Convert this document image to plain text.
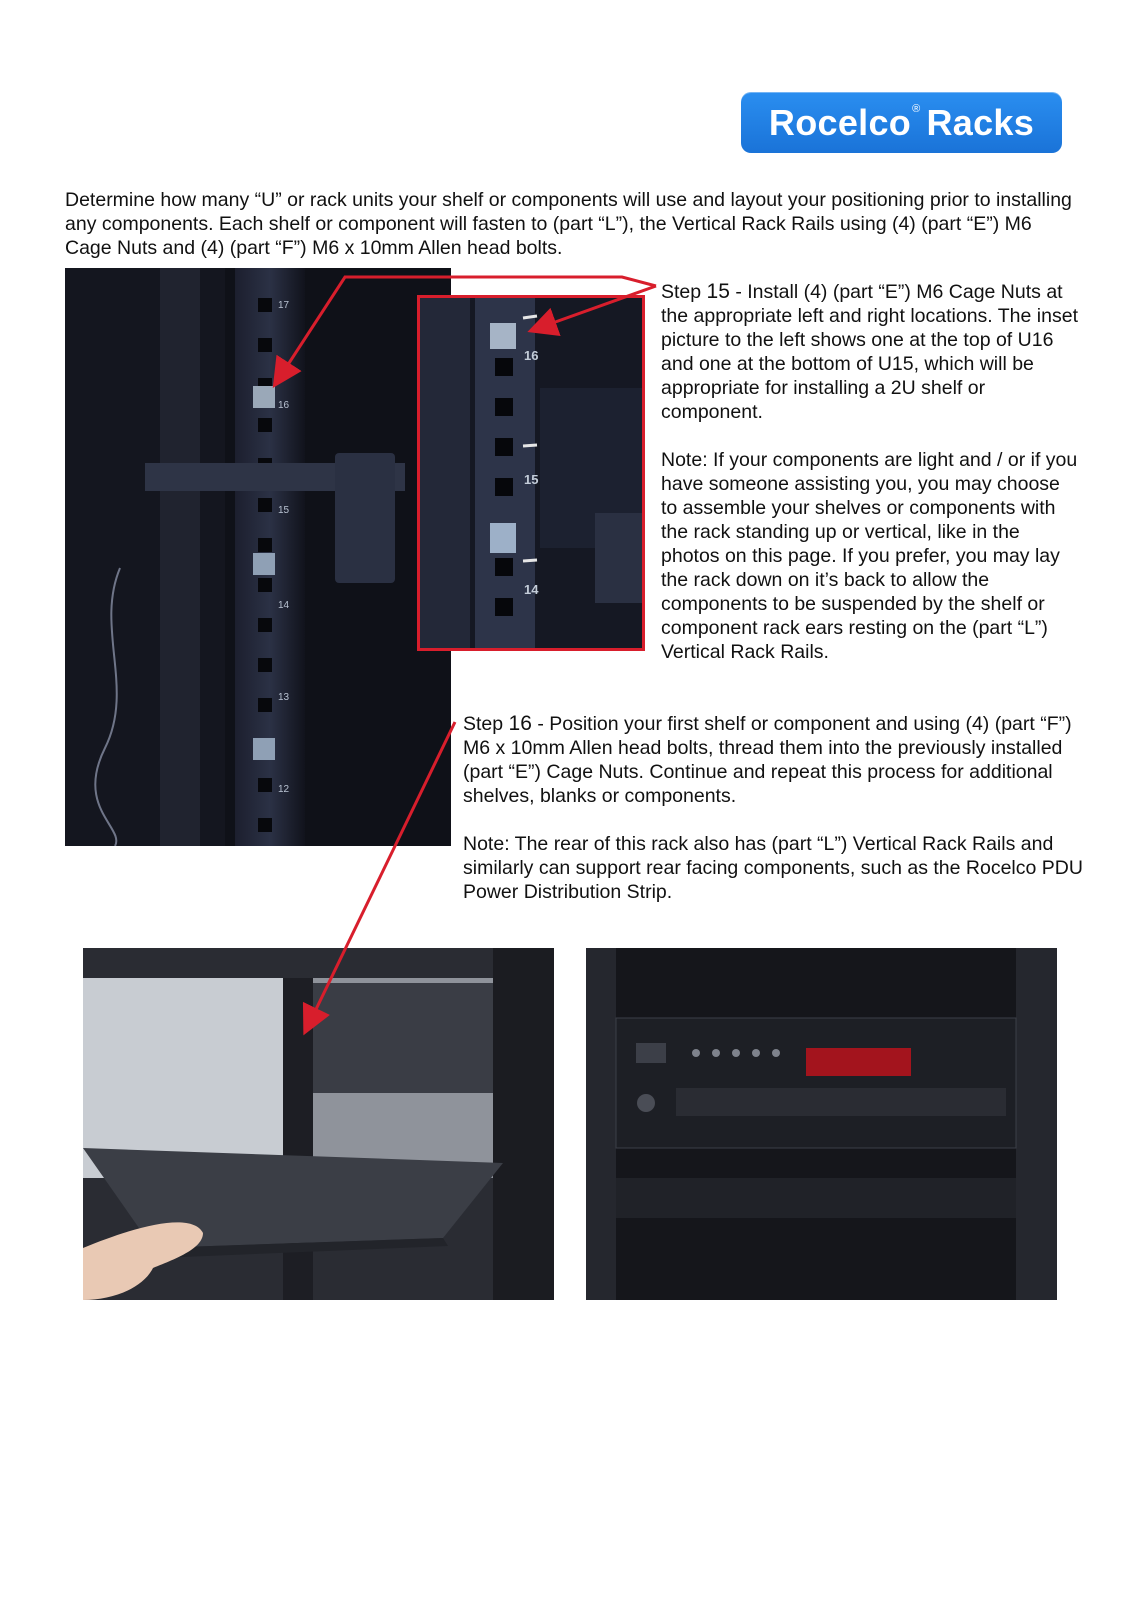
Rocelco ® Racks
Determine how many “U” or rack units your shelf or components will use and layout your positioning prior to installing any components. Each shelf or component will fasten to (part “L”), the Vertical Rack Rails using (4) (part “E”) M6 Cage Nuts and (4) (part “F”) M6 x 10mm Allen head bolts.
17
16
15
14
13
12
16
15
14

Step 15 - Install (4) (part “E”) M6 Cage Nuts at the appropriate left and right locations. The inset picture to the left shows one at the top of U16 and one at the bottom of U15, which will be appropriate for installing a 2U shelf or component.

Note: If your components are light and / or if you have someone assisting you, you may choose to assemble your shelves or components with the rack standing up or vertical, like in the photos on this page. If you prefer, you may lay the rack down on it’s back to allow the components to be suspended by the shelf or component rack ears resting on the (part “L”) Vertical Rack Rails.

Step 16 - Position your first shelf or component and using (4) (part “F”) M6 x 10mm Allen head bolts, thread them into the previously installed (part “E”) Cage Nuts. Continue and repeat this process for additional shelves, blanks or components.

Note: The rear of this rack also has (part “L”) Vertical Rack Rails and similarly can support rear facing components, such as the Rocelco PDU Power Distribution Strip.
